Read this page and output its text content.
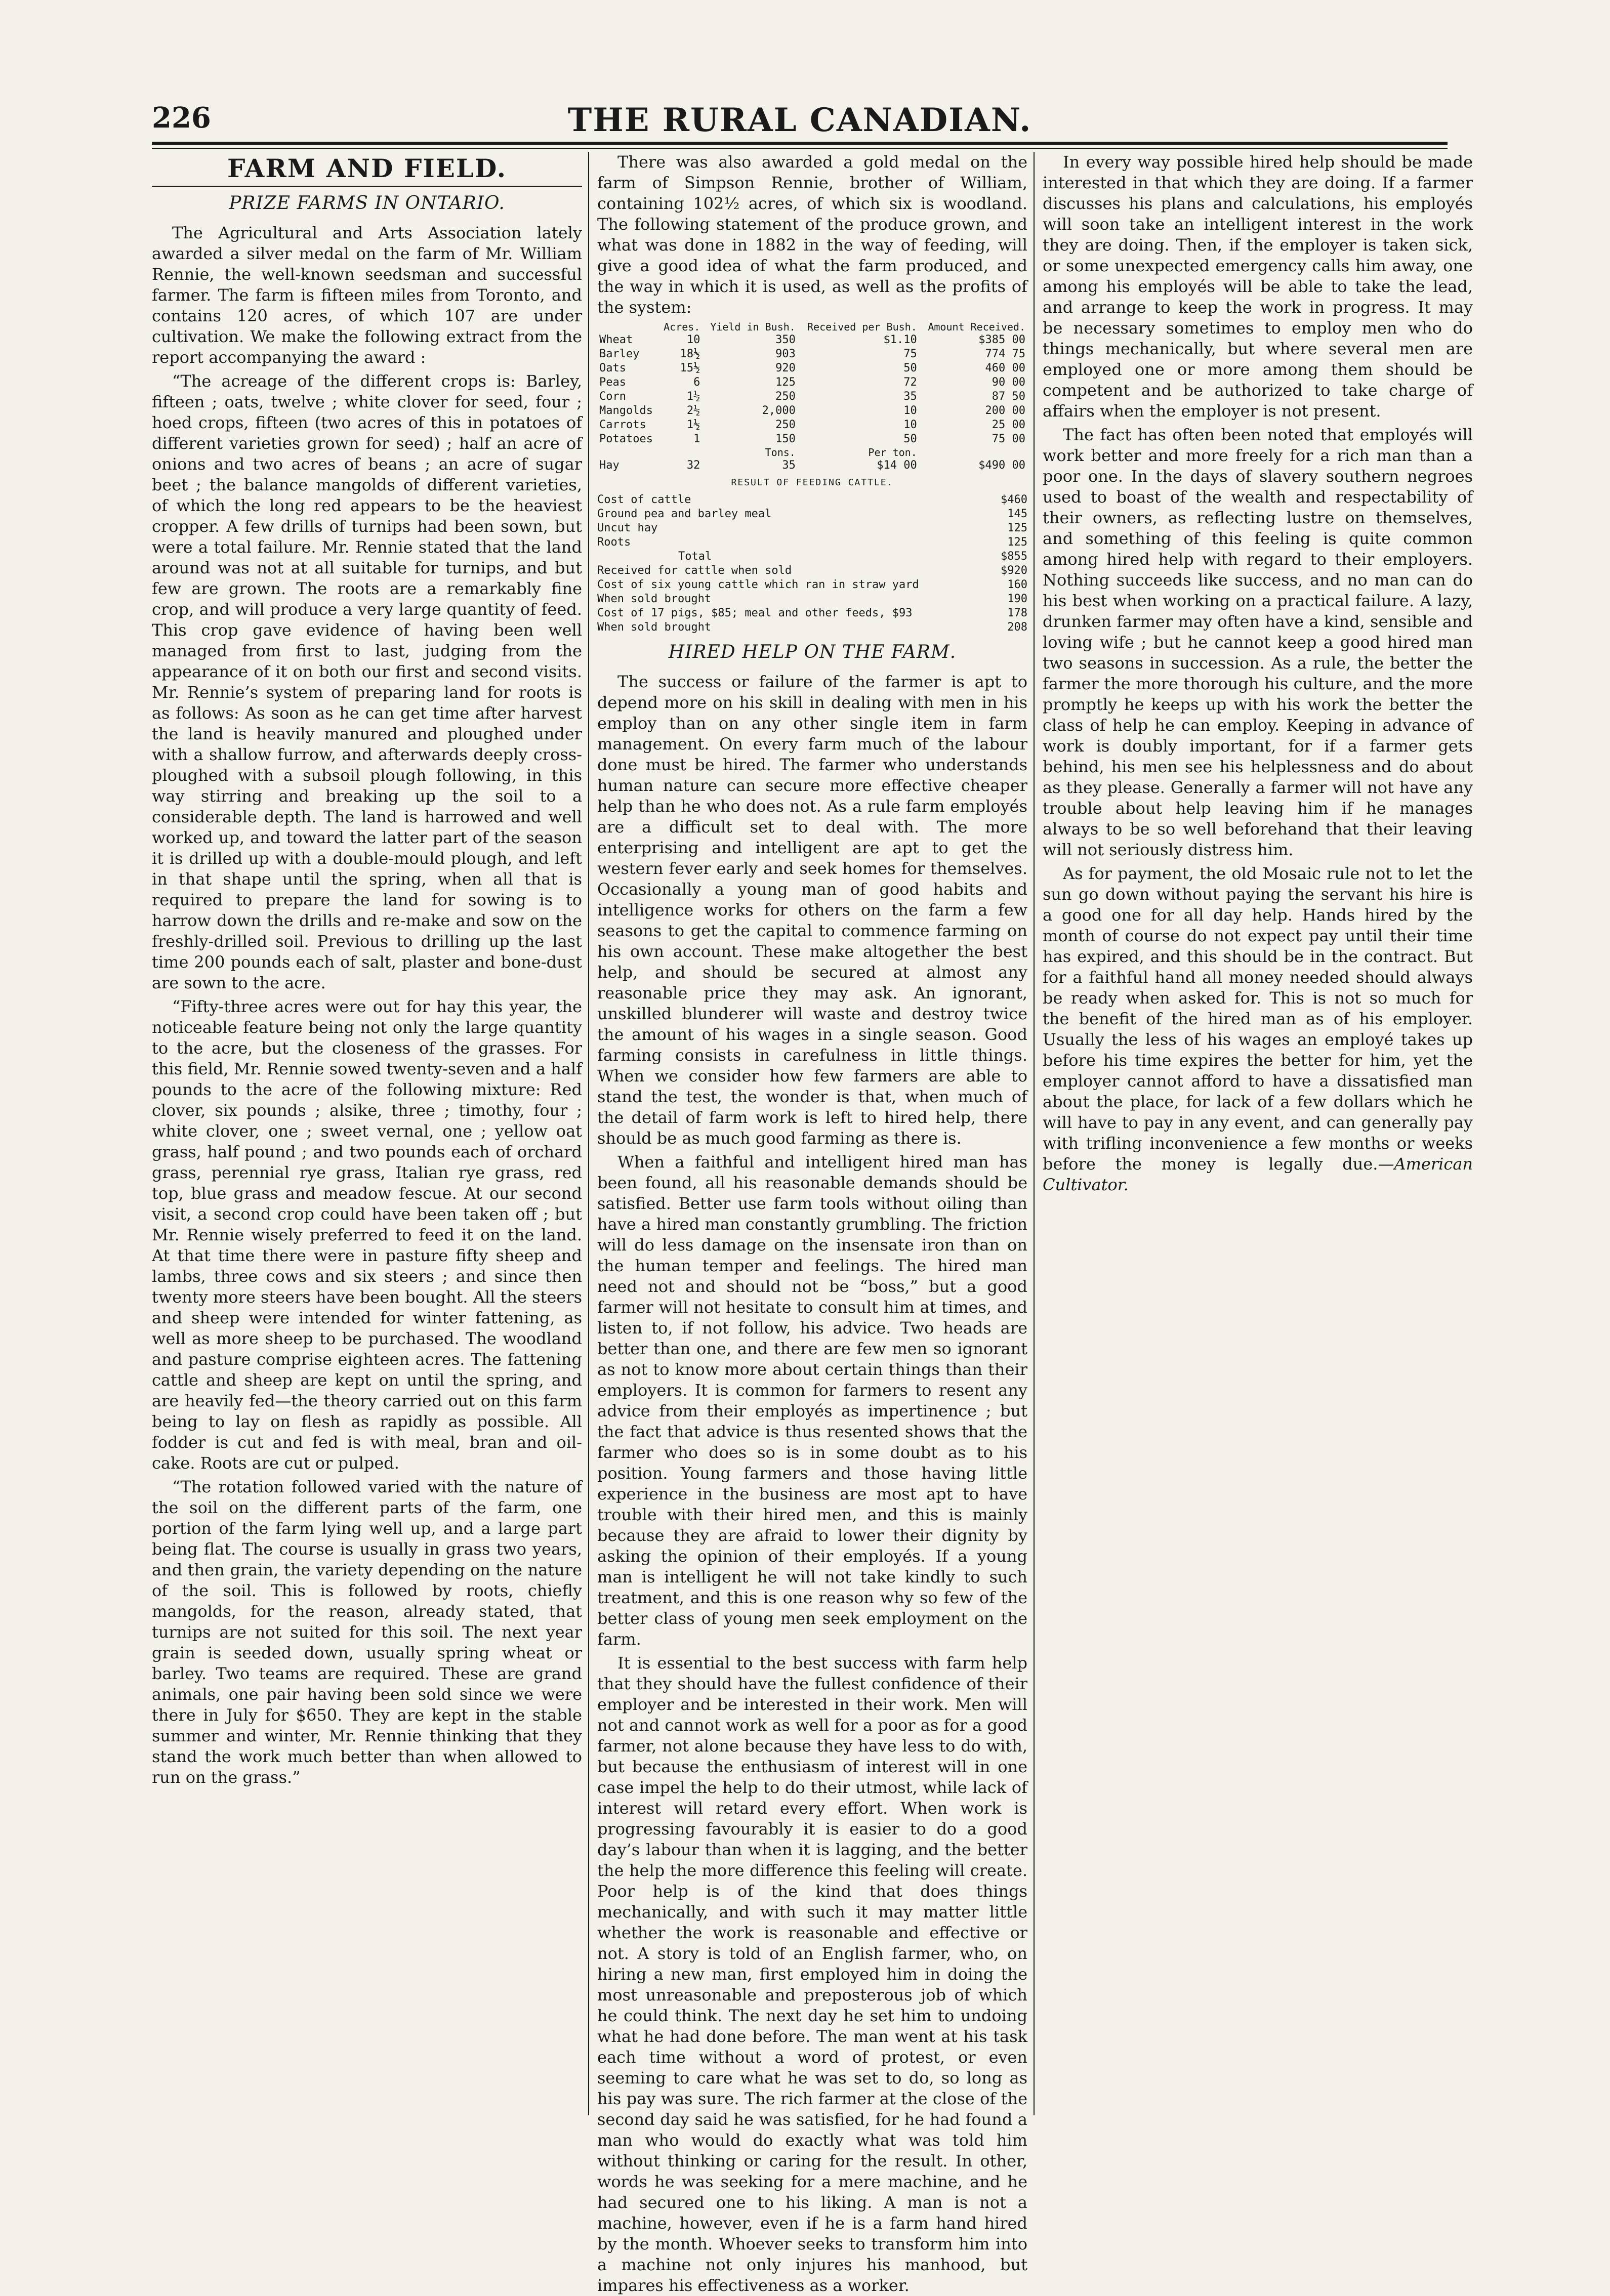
226	THE RURAL CANADIAN.
FARM AND FIELD.
PRIZE FARMS IN ONTARIO.

The Agricultural and Arts Association lately awarded a silver medal on the farm of Mr. William Rennie, the well-known seedsman and successful farmer. The farm is fifteen miles from Toronto, and contains 120 acres, of which 107 are under cultivation. We make the following extract from the report accompanying the award :

“The acreage of the different crops is: Barley, fifteen ; oats, twelve ; white clover for seed, four ; hoed crops, fifteen (two acres of this in potatoes of different varieties grown for seed) ; half an acre of onions and two acres of beans ; an acre of sugar beet ; the balance mangolds of different varieties, of which the long red appears to be the heaviest cropper. A few drills of turnips had been sown, but were a total failure. Mr. Rennie stated that the land around was not at all suitable for turnips, and but few are grown. The roots are a remarkably fine crop, and will produce a very large quantity of feed. This crop gave evidence of having been well managed from first to last, judging from the appearance of it on both our first and second visits. Mr. Rennie’s system of preparing land for roots is as follows: As soon as he can get time after harvest the land is heavily manured and ploughed under with a shallow furrow, and afterwards deeply cross-ploughed with a subsoil plough following, in this way stirring and breaking up the soil to a considerable depth. The land is harrowed and well worked up, and toward the latter part of the season it is drilled up with a double-mould plough, and left in that shape until the spring, when all that is required to prepare the land for sowing is to harrow down the drills and re-make and sow on the freshly-drilled soil. Previous to drilling up the last time 200 pounds each of salt, plaster and bone-dust are sown to the acre.

“Fifty-three acres were out for hay this year, the noticeable feature being not only the large quantity to the acre, but the closeness of the grasses. For this field, Mr. Rennie sowed twenty-seven and a half pounds to the acre of the following mixture: Red clover, six pounds ; alsike, three ; timothy, four ; white clover, one ; sweet vernal, one ; yellow oat grass, half pound ; and two pounds each of orchard grass, perennial rye grass, Italian rye grass, red top, blue grass and meadow fescue. At our second visit, a second crop could have been taken off ; but Mr. Rennie wisely preferred to feed it on the land. At that time there were in pasture fifty sheep and lambs, three cows and six steers ; and since then twenty more steers have been bought. All the steers and sheep were intended for winter fattening, as well as more sheep to be purchased. The woodland and pasture comprise eighteen acres. The fattening cattle and sheep are kept on until the spring, and are heavily fed—the theory carried out on this farm being to lay on flesh as rapidly as possible. All fodder is cut and fed is with meal, bran and oil-cake. Roots are cut or pulped.

“The rotation followed varied with the nature of the soil on the different parts of the farm, one portion of the farm lying well up, and a large part being flat. The course is usually in grass two years, and then grain, the variety depending on the nature of the soil. This is followed by roots, chiefly mangolds, for the reason, already stated, that turnips are not suited for this soil. The next year grain is seeded down, usually spring wheat or barley. Two teams are required. These are grand animals, one pair having been sold since we were there in July for $650. They are kept in the stable summer and winter, Mr. Rennie thinking that they stand the work much better than when allowed to run on the grass.”

There was also awarded a gold medal on the farm of Simpson Rennie, brother of William, containing 102½ acres, of which six is woodland. The following statement of the produce grown, and what was done in 1882 in the way of feeding, will give a good idea of what the farm produced, and the way in which it is used, as well as the profits of the system:

	Acres.	Yield in Bush.	Received per Bush.	Amount Received.
Wheat	10	350	$1.10	$385 00
Barley	18½	903	75	774 75
Oats	15½	920	50	460 00
Peas	6	125	72	90 00
Corn	1½	250	35	87 50
Mangolds	2½	2,000	10	200 00
Carrots	1½	250	10	25 00
Potatoes	1	150	50	75 00
		Tons.	Per ton.	
Hay	32	35	$14 00	$490 00
RESULT OF FEEDING CATTLE.
Cost of cattle	$460
Ground pea and barley meal	145
Uncut hay	125
Roots	125
Total	$855
Received for cattle when sold	$920
Cost of six young cattle which ran in straw yard	160
When sold brought	190
Cost of 17 pigs, $85; meal and other feeds, $93	178
When sold brought	208
HIRED HELP ON THE FARM.

The success or failure of the farmer is apt to depend more on his skill in dealing with men in his employ than on any other single item in farm management. On every farm much of the labour done must be hired. The farmer who understands human nature can secure more effective cheaper help than he who does not. As a rule farm employés are a difficult set to deal with. The more enterprising and intelligent are apt to get the western fever early and seek homes for themselves. Occasionally a young man of good habits and intelligence works for others on the farm a few seasons to get the capital to commence farming on his own account. These make altogether the best help, and should be secured at almost any reasonable price they may ask. An ignorant, unskilled blunderer will waste and destroy twice the amount of his wages in a single season. Good farming consists in carefulness in little things. When we consider how few farmers are able to stand the test, the wonder is that, when much of the detail of farm work is left to hired help, there should be as much good farming as there is.

When a faithful and intelligent hired man has been found, all his reasonable demands should be satisfied. Better use farm tools without oiling than have a hired man constantly grumbling. The friction will do less damage on the insensate iron than on the human temper and feelings. The hired man need not and should not be “boss,” but a good farmer will not hesitate to consult him at times, and listen to, if not follow, his advice. Two heads are better than one, and there are few men so ignorant as not to know more about certain things than their employers. It is common for farmers to resent any advice from their employés as impertinence ; but the fact that advice is thus resented shows that the farmer who does so is in some doubt as to his position. Young farmers and those having little experience in the business are most apt to have trouble with their hired men, and this is mainly because they are afraid to lower their dignity by asking the opinion of their employés. If a young man is intelligent he will not take kindly to such treatment, and this is one reason why so few of the better class of young men seek employment on the farm.

It is essential to the best success with farm help that they should have the fullest confidence of their employer and be interested in their work. Men will not and cannot work as well for a poor as for a good farmer, not alone because they have less to do with, but because the enthusiasm of interest will in one case impel the help to do their utmost, while lack of interest will retard every effort. When work is progressing favourably it is easier to do a good day’s labour than when it is lagging, and the better the help the more difference this feeling will create. Poor help is of the kind that does things mechanically, and with such it may matter little whether the work is reasonable and effective or not. A story is told of an English farmer, who, on hiring a new man, first employed him in doing the most unreasonable and preposterous job of which he could think. The next day he set him to undoing what he had done before. The man went at his task each time without a word of protest, or even seeming to care what he was set to do, so long as his pay was sure. The rich farmer at the close of the second day said he was satisfied, for he had found a man who would do exactly what was told him without thinking or caring for the result. In other, words he was seeking for a mere machine, and he had secured one to his liking. A man is not a machine, however, even if he is a farm hand hired by the month. Whoever seeks to transform him into a machine not only injures his manhood, but impares his effectiveness as a worker.

In every way possible hired help should be made interested in that which they are doing. If a farmer discusses his plans and calculations, his employés will soon take an intelligent interest in the work they are doing. Then, if the employer is taken sick, or some unexpected emergency calls him away, one among his employés will be able to take the lead, and arrange to keep the work in progress. It may be necessary sometimes to employ men who do things mechanically, but where several men are employed one or more among them should be competent and be authorized to take charge of affairs when the employer is not present.

The fact has often been noted that employés will work better and more freely for a rich man than a poor one. In the days of slavery southern negroes used to boast of the wealth and respectability of their owners, as reflecting lustre on themselves, and something of this feeling is quite common among hired help with regard to their employers. Nothing succeeds like success, and no man can do his best when working on a practical failure. A lazy, drunken farmer may often have a kind, sensible and loving wife ; but he cannot keep a good hired man two seasons in succession. As a rule, the better the farmer the more thorough his culture, and the more promptly he keeps up with his work the better the class of help he can employ. Keeping in advance of work is doubly important, for if a farmer gets behind, his men see his helplessness and do about as they please. Generally a farmer will not have any trouble about help leaving him if he manages always to be so well beforehand that their leaving will not seriously distress him.

As for payment, the old Mosaic rule not to let the sun go down without paying the servant his hire is a good one for all day help. Hands hired by the month of course do not expect pay until their time has expired, and this should be in the contract. But for a faithful hand all money needed should always be ready when asked for. This is not so much for the benefit of the hired man as of his employer. Usually the less of his wages an employé takes up before his time expires the better for him, yet the employer cannot afford to have a dissatisfied man about the place, for lack of a few dollars which he will have to pay in any event, and can generally pay with trifling inconvenience a few months or weeks before the money is legally due.—American Cultivator.
